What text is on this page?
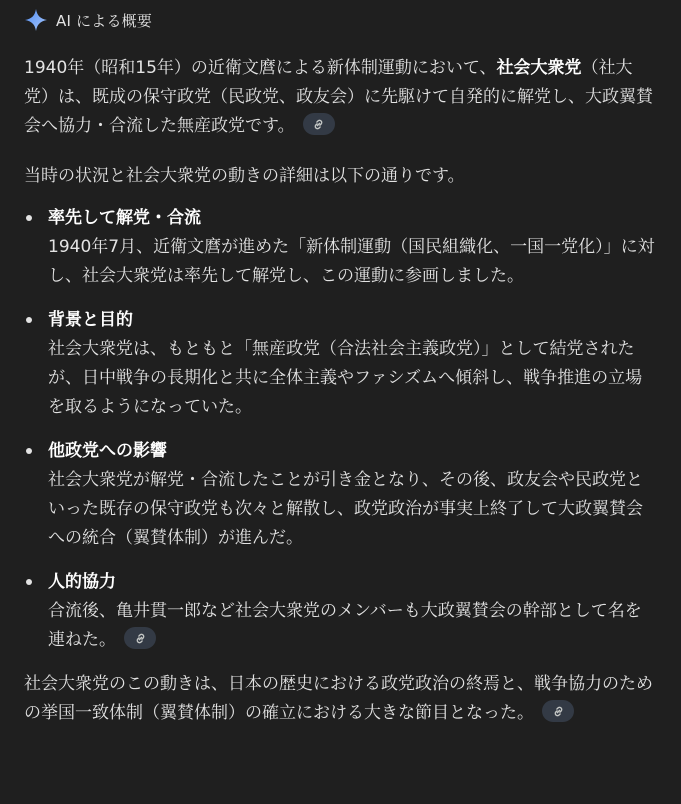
AI による概要

1940年（昭和15年）の近衛文麿による新体制運動において、社会大衆党（社大党）は、既成の保守政党（民政党、政友会）に先駆けて自発的に解党し、大政翼賛会へ協力・合流した無産政党です。

当時の状況と社会大衆党の動きの詳細は以下の通りです。

率先して解党・合流
1940年7月、近衛文麿が進めた「新体制運動（国民組織化、一国一党化）」に対し、社会大衆党は率先して解党し、この運動に参画しました。
背景と目的
社会大衆党は、もともと「無産政党（合法社会主義政党）」として結党されたが、日中戦争の長期化と共に全体主義やファシズムへ傾斜し、戦争推進の立場を取るようになっていた。
他政党への影響
社会大衆党が解党・合流したことが引き金となり、その後、政友会や民政党といった既存の保守政党も次々と解散し、政党政治が事実上終了して大政翼賛会への統合（翼賛体制）が進んだ。
人的協力
合流後、亀井貫一郎など社会大衆党のメンバーも大政翼賛会の幹部として名を連ねた。

社会大衆党のこの動きは、日本の歴史における政党政治の終焉と、戦争協力のための挙国一致体制（翼賛体制）の確立における大きな節目となった。
